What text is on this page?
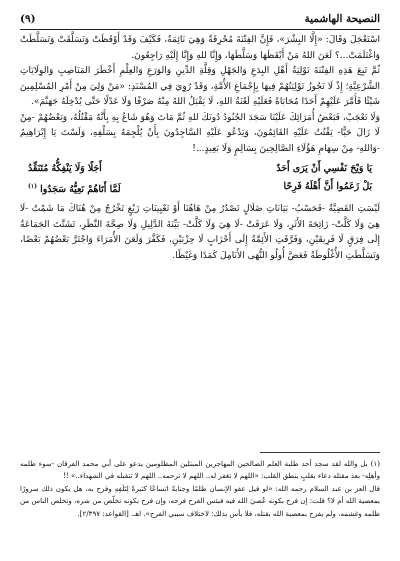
النصيحة الهاشمية
(٩)

اسْتَعْجَلَ وَقَالَ: «إِلَّا البِشْرَ»، فَإِنَّ الفِتْنَةَ مُحْرِقَةٌ وَهِيَ نَائِمَةٌ، فَكَيْفَ وَقَدْ أَوْقَظَتْ وَتَسَلَّقَتْ وَتَسَلَّطَتْ وَاغْتَلَمَتْ...؟ لَعَنَ اللهُ مَنْ أَيْقَظَهَا وَسَلَّطَهَا، وَإِنَّا للهِ وَإِنَّا إِلَيْهِ رَاجِعُونَ.

ثُمَّ تَبِعَ هَذِهِ الفِتْنَةَ تَوْلِيَةُ أَهْلِ البِدَعِ وَالجَهْلِ وَقِلَّةِ الدِّينِ وَالوَرَعِ وَالعِلْمِ أَخْطَرَ المَنَاصِبِ وَالوِلَايَاتِ الشَّرْعِيَّةِ؛ إِذْ لَا تَجُوزُ تَوْلِيَتُهُمْ فِيهَا بِإِجْمَاعِ الأُمَّةِ، وَقَدْ رُوِيَ فِي المُسْنَدِ: «مَنْ وَلِيَ مِنْ أَمْرِ المُسْلِمِينَ شَيْئًا فَأَمَّرَ عَلَيْهِمْ أَحَدًا مُحَابَاةً فَعَلَيْهِ لَعْنَةُ اللهِ، لَا يَقْبَلُ اللهُ مِنْهُ صَرْفًا وَلَا عَدْلًا حَتَّى يُدْخِلَهُ جَهَنَّمَ».

وَلَا تَعْجَبْ، فَبَعْضُ أُمَرَائِكَ عَلَيْنَا سَجَدَ الجُنُودُ دُونَكَ للهِ ثُمَّ مَاتَ وَهُوَ شَاعٌ بِهِ بِأَنَّهُ مَقْتُلُهُ، وَبَعْضُهُمْ -مِنْ لَا زَالَ حَيًّا- يَقْتُتُ عَلَيْهِ القَائِمُونَ، وَيَدْعُو عَلَيْهِ السَّاجِدُونَ بِأَنْ يُلْجِمَهُ بِسَلْفِهِ، وَلَسْتَ يَا إِبْرَاهِيمُ -وَاللهِ- مِنْ سِهَامِ هَؤُلَاءِ الصَّالِحِينَ بِسَالِمٍ وَلَا بَعِيدٍ...!

يَا وَيْحَ نَفْسِي أَنْ يَرَى أَحَدٌ
أَجَلًا وَلَا يَنْفِكُّهُ مُتَنَقِّدُ
بَلْ زَعَمُوا أَنَّ أَهْلَهُ فَرِحًا
لَمَّا أَتَاهُمْ نَعِيُّهُ سَجَدُوا $^{(١)}$

لَيْسَتِ القَضِيَّةُ -فَحَسْبُ- بَيَانَاتِ ضَلَالٍ تَصْدُرُ مِنْ هَاهُنَا أَوْ تَعْيِينَاتِ زَيْغٍ تَخْرُجُ مِنْ هُنَاكَ مَا شَمْتُ -لَا هِيَ وَلَا كَلَّتْ- زَائِحَةَ الأَثَرِ، وَلَا عَرَفَتْ -لَا هِيَ وَلَا كَلَّتْ- بَيِّنَةَ الدَّلِيلِ وَلَا صِحَّةَ النَّظَرِ، تَشَتَّتَ الجَمَاعَةُ إِلَى فِرَقٍ لَا فَرِيقَيْنِ، وَفَرَّقَتِ الأَئِمَّةُ إِلَى أَحْزَابٍ لَا حِزْبَيْنِ، فَكَفَّرَ وَلَعَنَ الأُمَرَاءَ وَاجْتَرَّ بَعْضُهُمْ بَعْضًا، وَتَسَلَّطَتِ الأُغْلُوطَةُ فَعَضَّ أُولُو النُّهَى الأَنَامِلَ كَمَدًا وَغَيْظًا.

(١) بل والله لقد سجد أحد طلبة العلم الصالحين المهاجرين المبتلين المظلومين يدعو على أبي محمد الفرقان -سوء ظلمه وأهلِه- بعد مقتله دعاء بقلبٍ ينطق القلب: «اللهم لا تغفر له.. اللهم لا ترحمه.. اللهم لا تتقبله في الشهداء..» !!

قال العز بن عبد السلام رحمه الله: «لو قيل عفو الإنسان ظلمًا وجنايةً اتساعًا كثيرةً لِتَلَفِهِ وفرح به، هل يكون ذلك سرورًا بمعصية الله أم لا؟ قلت: إن فرح بكونه عُصيَ الله فيه فبئس الفرح فرحه، وإن فرح بكونه تخلّص من شره، وتخلص الناس من ظلمه وغشمه، ولم يفرح بمعصية الله بقتله، فلا بأس بذلك؛ لاختلاف سببي الفرح». اهـ. [القواعد: ٢/٣٩٧].
